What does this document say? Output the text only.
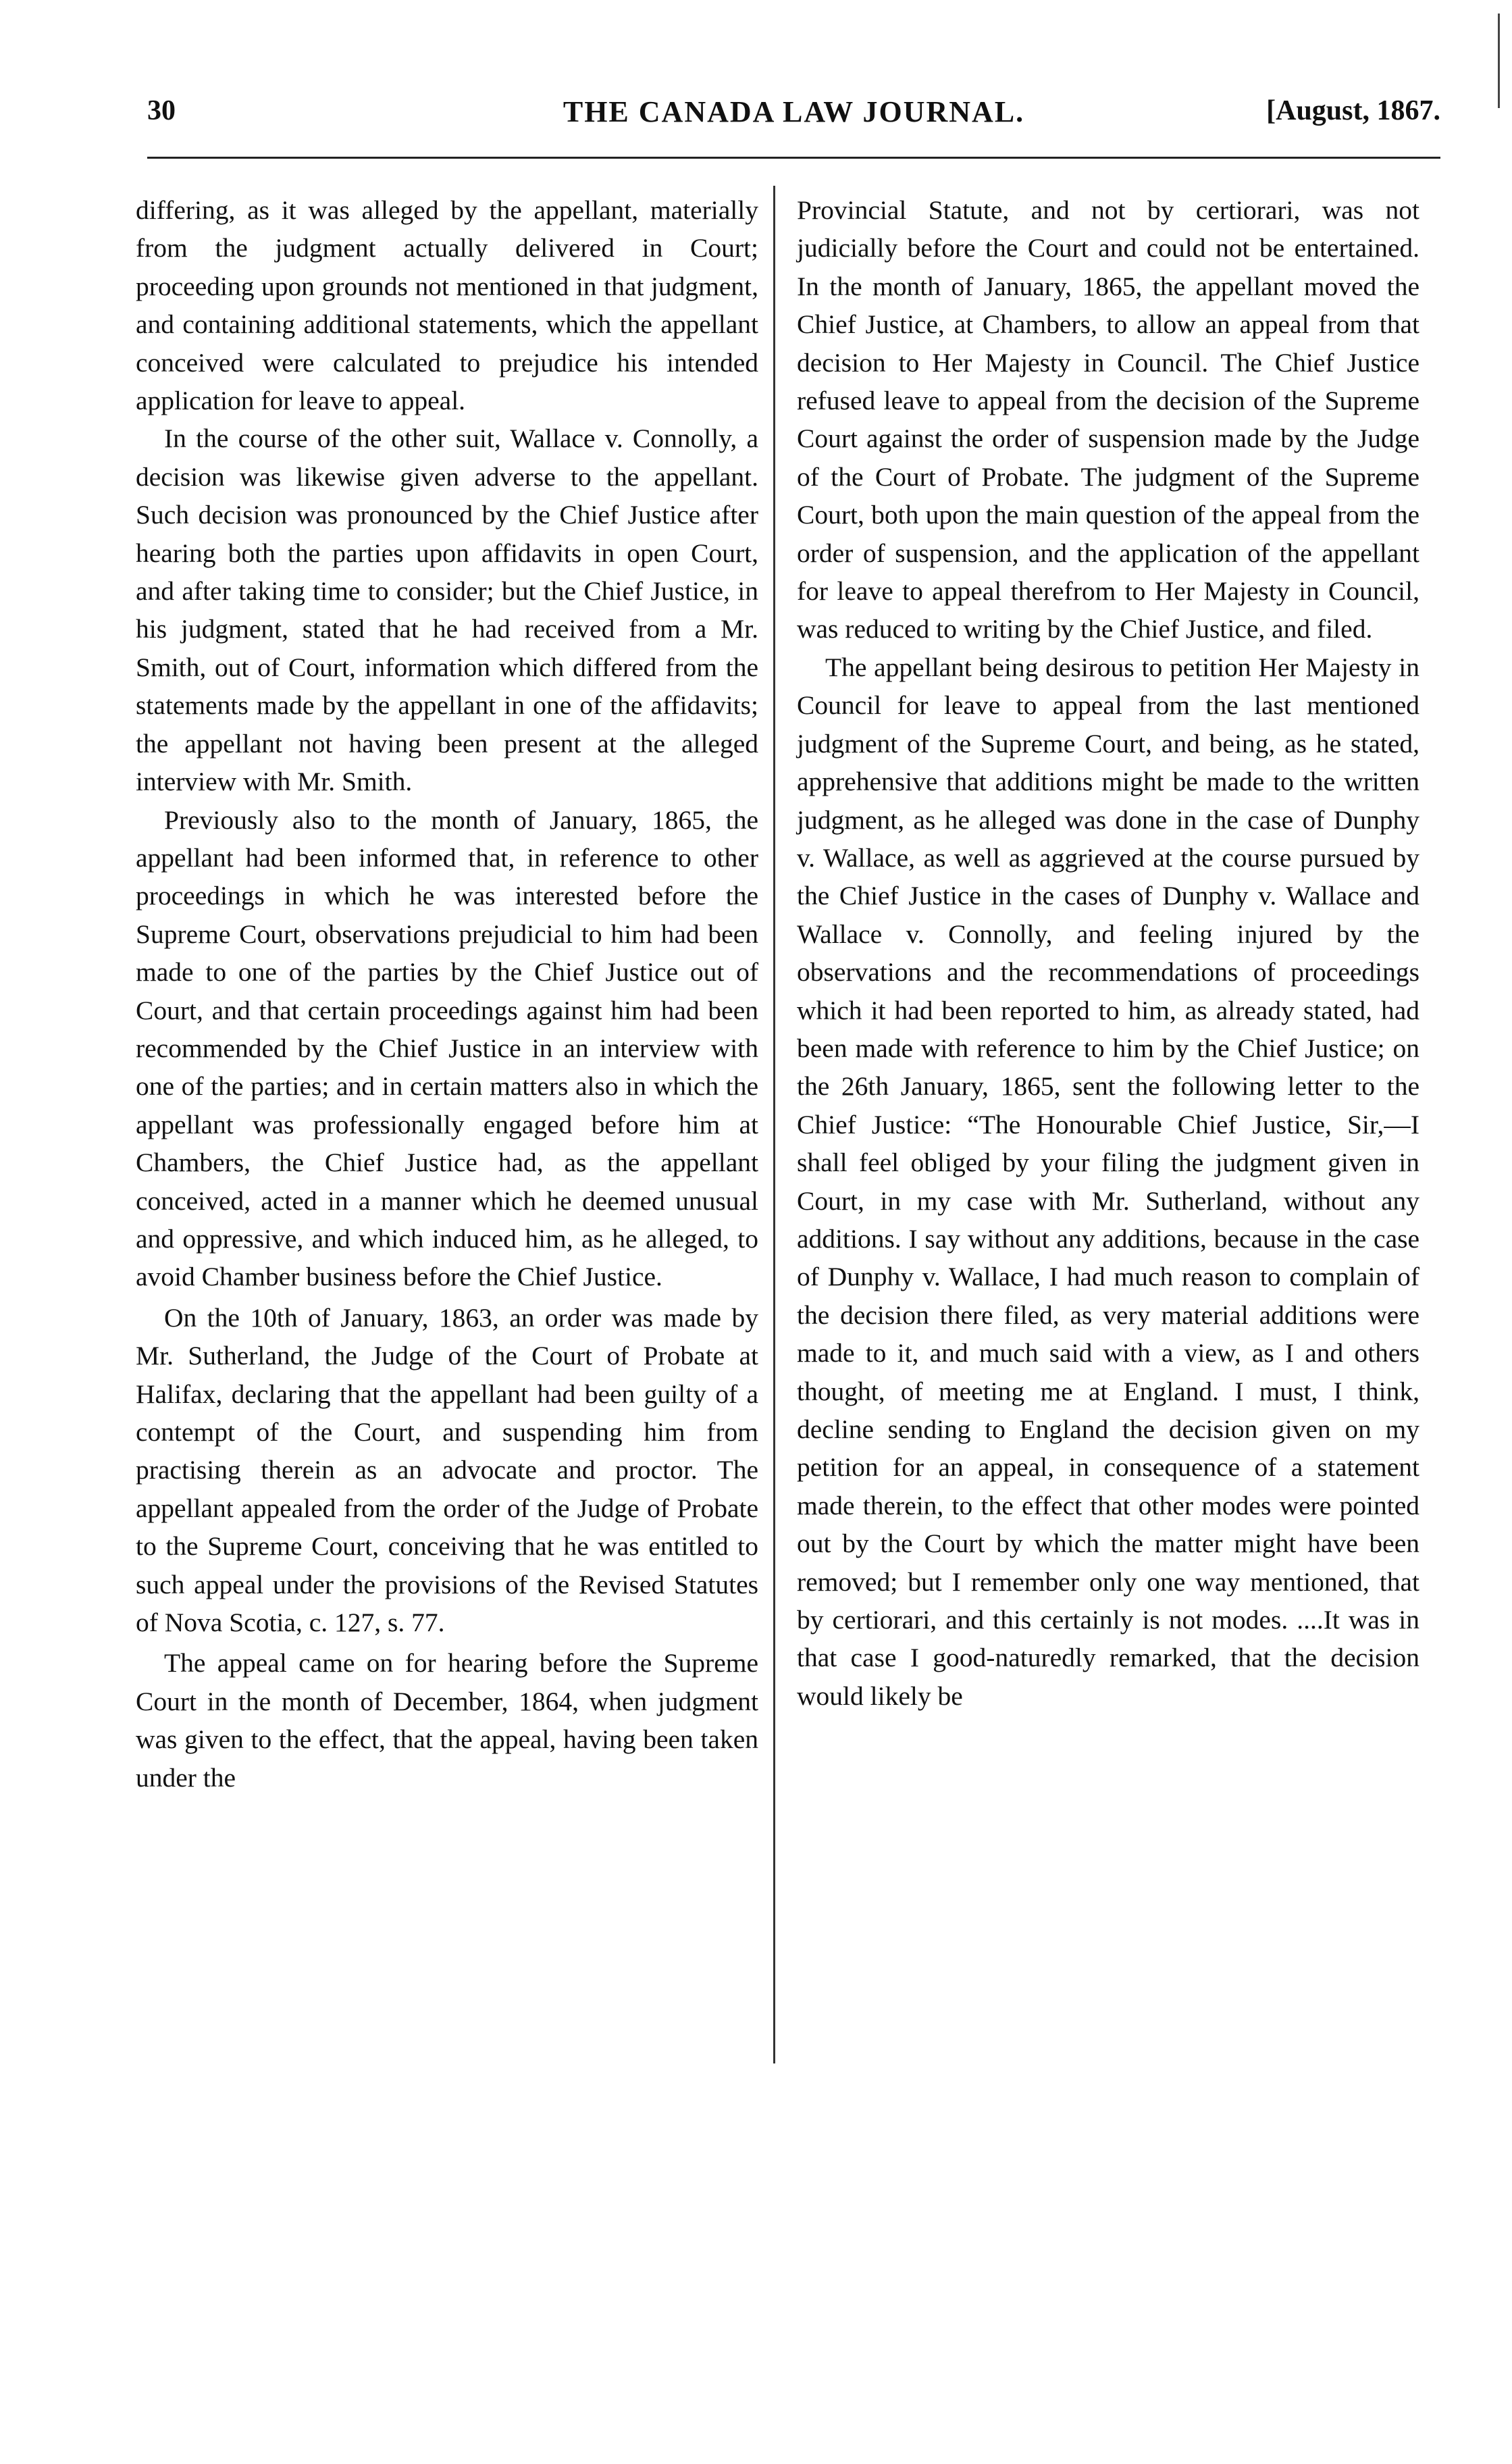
30	THE CANADA LAW JOURNAL.	[August, 1867.

differing, as it was alleged by the appellant, materially from the judgment actually delivered in Court; proceeding upon grounds not mentioned in that judgment, and containing additional statements, which the appellant conceived were calculated to prejudice his intended application for leave to appeal.

In the course of the other suit, Wallace v. Connolly, a decision was likewise given adverse to the appellant. Such decision was pronounced by the Chief Justice after hearing both the parties upon affidavits in open Court, and after taking time to consider; but the Chief Justice, in his judgment, stated that he had received from a Mr. Smith, out of Court, information which differed from the statements made by the appellant in one of the affidavits; the appellant not having been present at the alleged interview with Mr. Smith.

Previously also to the month of January, 1865, the appellant had been informed that, in reference to other proceedings in which he was interested before the Supreme Court, observations prejudicial to him had been made to one of the parties by the Chief Justice out of Court, and that certain proceedings against him had been recommended by the Chief Justice in an interview with one of the parties; and in certain matters also in which the appellant was professionally engaged before him at Chambers, the Chief Justice had, as the appellant conceived, acted in a manner which he deemed unusual and oppressive, and which induced him, as he alleged, to avoid Chamber business before the Chief Justice.

On the 10th of January, 1863, an order was made by Mr. Sutherland, the Judge of the Court of Probate at Halifax, declaring that the appellant had been guilty of a contempt of the Court, and suspending him from practising therein as an advocate and proctor. The appellant appealed from the order of the Judge of Probate to the Supreme Court, conceiving that he was entitled to such appeal under the provisions of the Revised Statutes of Nova Scotia, c. 127, s. 77.

The appeal came on for hearing before the Supreme Court in the month of December, 1864, when judgment was given to the effect, that the appeal, having been taken under the

Provincial Statute, and not by certiorari, was not judicially before the Court and could not be entertained. In the month of January, 1865, the appellant moved the Chief Justice, at Chambers, to allow an appeal from that decision to Her Majesty in Council. The Chief Justice refused leave to appeal from the decision of the Supreme Court against the order of suspension made by the Judge of the Court of Probate. The judgment of the Supreme Court, both upon the main question of the appeal from the order of suspension, and the application of the appellant for leave to appeal therefrom to Her Majesty in Council, was reduced to writing by the Chief Justice, and filed.

The appellant being desirous to petition Her Majesty in Council for leave to appeal from the last mentioned judgment of the Supreme Court, and being, as he stated, apprehensive that additions might be made to the written judgment, as he alleged was done in the case of Dunphy v. Wallace, as well as aggrieved at the course pursued by the Chief Justice in the cases of Dunphy v. Wallace and Wallace v. Connolly, and feeling injured by the observations and the recommendations of proceedings which it had been reported to him, as already stated, had been made with reference to him by the Chief Justice; on the 26th January, 1865, sent the following letter to the Chief Justice: “The Honourable Chief Justice, Sir,—I shall feel obliged by your filing the judgment given in Court, in my case with Mr. Sutherland, without any additions. I say without any additions, because in the case of Dunphy v. Wallace, I had much reason to complain of the decision there filed, as very material additions were made to it, and much said with a view, as I and others thought, of meeting me at England. I must, I think, decline sending to England the decision given on my petition for an appeal, in consequence of a statement made therein, to the effect that other modes were pointed out by the Court by which the matter might have been removed; but I remember only one way mentioned, that by certiorari, and this certainly is not modes. ....It was in that case I good-naturedly remarked, that the decision would likely be
